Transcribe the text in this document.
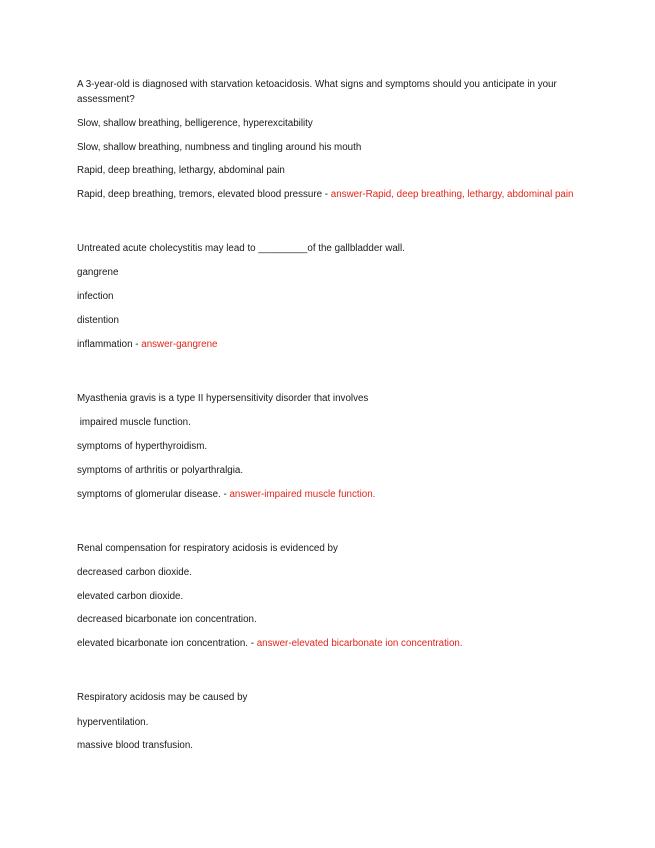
A 3-year-old is diagnosed with starvation ketoacidosis. What signs and symptoms should you anticipate in your assessment?

Slow, shallow breathing, belligerence, hyperexcitability

Slow, shallow breathing, numbness and tingling around his mouth

Rapid, deep breathing, lethargy, abdominal pain

Rapid, deep breathing, tremors, elevated blood pressure - answer-Rapid, deep breathing, lethargy, abdominal pain

Untreated acute cholecystitis may lead to _________of the gallbladder wall.

gangrene

infection

distention

inflammation - answer-gangrene

Myasthenia gravis is a type II hypersensitivity disorder that involves

impaired muscle function.

symptoms of hyperthyroidism.

symptoms of arthritis or polyarthralgia.

symptoms of glomerular disease. - answer-impaired muscle function.

Renal compensation for respiratory acidosis is evidenced by

decreased carbon dioxide.

elevated carbon dioxide.

decreased bicarbonate ion concentration.

elevated bicarbonate ion concentration. - answer-elevated bicarbonate ion concentration.

Respiratory acidosis may be caused by

hyperventilation.

massive blood transfusion.
